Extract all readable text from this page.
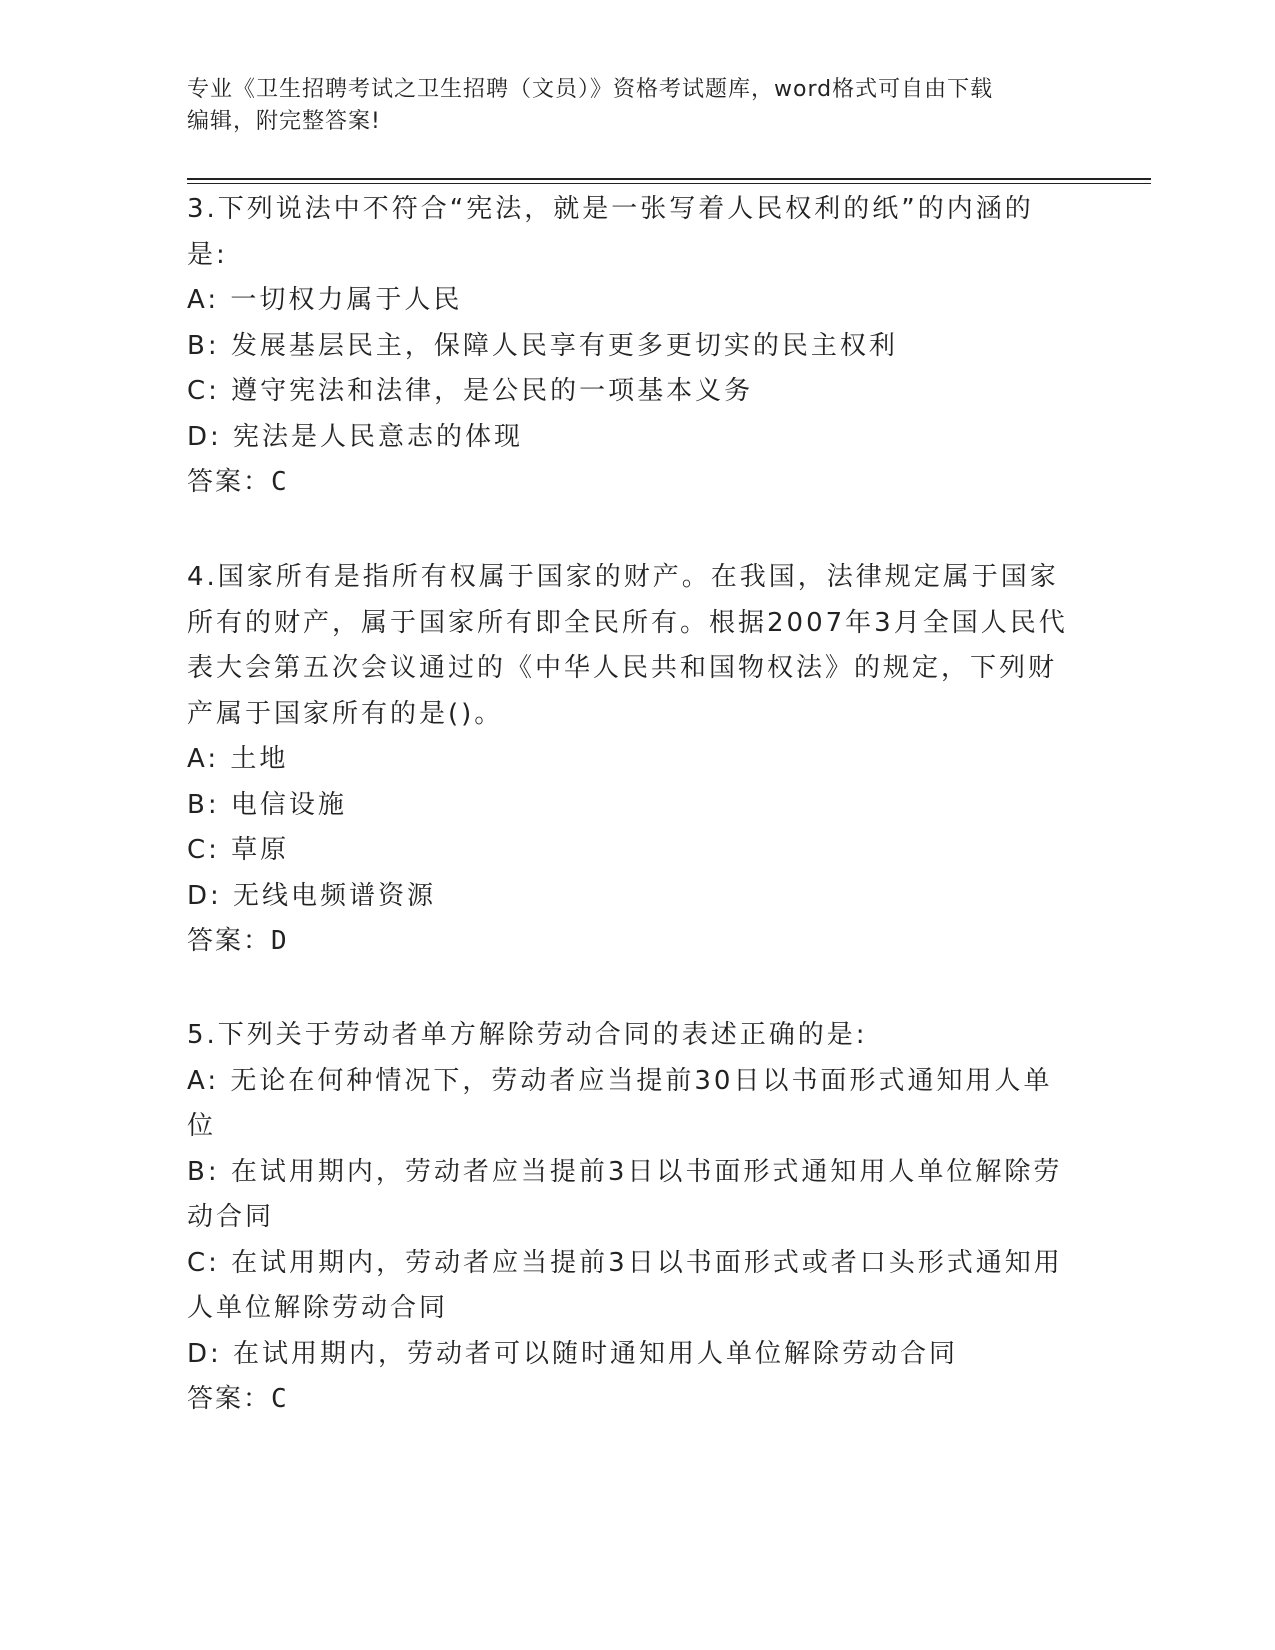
专业《卫生招聘考试之卫生招聘（文员）》资格考试题库，word格式可自由下载
编辑，附完整答案!
3.下列说法中不符合“宪法，就是一张写着人民权利的纸”的内涵的
是:
A: 一切权力属于人民
B: 发展基层民主，保障人民享有更多更切实的民主权利
C: 遵守宪法和法律，是公民的一项基本义务
D: 宪法是人民意志的体现
答案：C
4.国家所有是指所有权属于国家的财产。在我国，法律规定属于国家
所有的财产，属于国家所有即全民所有。根据2007年3月全国人民代
表大会第五次会议通过的《中华人民共和国物权法》的规定，下列财
产属于国家所有的是()。
A: 土地
B: 电信设施
C: 草原
D: 无线电频谱资源
答案：D
5.下列关于劳动者单方解除劳动合同的表述正确的是:
A: 无论在何种情况下，劳动者应当提前30日以书面形式通知用人单
位
B: 在试用期内，劳动者应当提前3日以书面形式通知用人单位解除劳
动合同
C: 在试用期内，劳动者应当提前3日以书面形式或者口头形式通知用
人单位解除劳动合同
D: 在试用期内，劳动者可以随时通知用人单位解除劳动合同
答案：C
